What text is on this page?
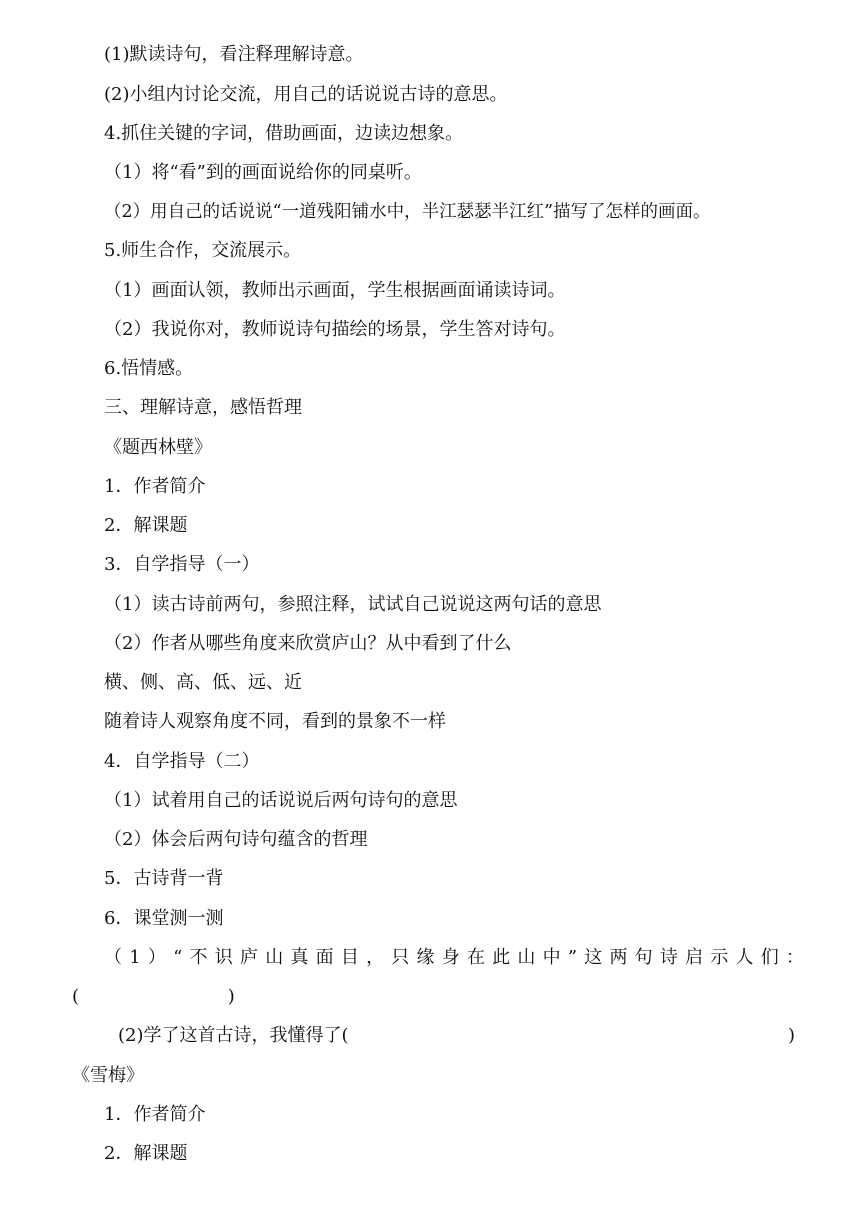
(1)默读诗句，看注释理解诗意。
(2)小组内讨论交流，用自己的话说说古诗的意思。
4.抓住关键的字词，借助画面，边读边想象。
（1）将“看”到的画面说给你的同桌听。
（2）用自己的话说说“一道残阳铺水中，半江瑟瑟半江红”描写了怎样的画面。
5.师生合作，交流展示。
（1）画面认领，教师出示画面，学生根据画面诵读诗词。
（2）我说你对，教师说诗句描绘的场景，学生答对诗句。
6.悟情感。
三、理解诗意，感悟哲理
《题西林壁》
1．作者简介
2．解课题
3．自学指导（一）
（1）读古诗前两句，参照注释，试试自己说说这两句话的意思
（2）作者从哪些角度来欣赏庐山？从中看到了什么
横、侧、高、低、远、近
随着诗人观察角度不同，看到的景象不一样
4．自学指导（二）
（1）试着用自己的话说说后两句诗句的意思
（2）体会后两句诗句蕴含的哲理
5．古诗背一背
6．课堂测一测
（1）“不识庐山真面目，只缘身在此山中”这两句诗启示人们：
(                          )
(2)学了这首古诗，我懂得了(	)
《雪梅》
1．作者简介
2．解课题
